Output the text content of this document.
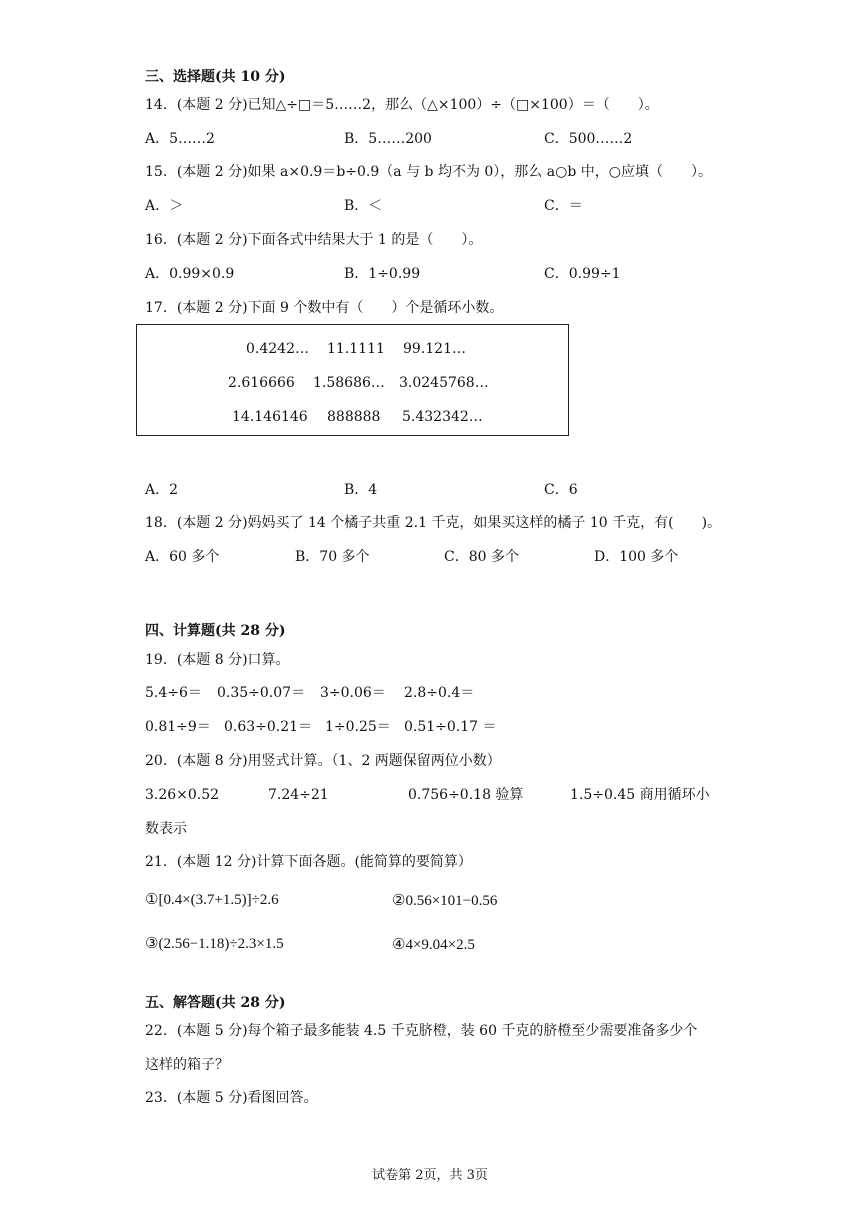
三、选择题(共 10 分)
14．(本题 2 分)已知△÷□＝5……2，那么（△×100）÷（□×100）＝（　　）。
A．5……2	B．5……200	C．500……2
15．(本题 2 分)如果 a×0.9＝b÷0.9（a 与 b 均不为 0），那么 a○b 中，○应填（　　）。
A．＞	B．＜	C．＝
16．(本题 2 分)下面各式中结果大于 1 的是（　　）。
A．0.99×0.9	B．1÷0.99	C．0.99÷1
17．(本题 2 分)下面 9 个数中有（　　）个是循环小数。
0.4242… 11.1111 99.121…
2.616666 1.58686… 3.0245768…
14.146146 888888 5.432342…
A．2	B．4	C．6
18．(本题 2 分)妈妈买了 14 个橘子共重 2.1 千克，如果买这样的橘子 10 千克，有(　　)。
A．60 多个	B．70 多个	C．80 多个	D．100 多个
四、计算题(共 28 分)
19．(本题 8 分)口算。
5.4÷6＝ 0.35÷0.07＝ 3÷0.06＝ 2.8÷0.4＝
0.81÷9＝ 0.63÷0.21＝ 1÷0.25＝ 0.51÷0.17 ＝
20．(本题 8 分)用竖式计算。（1、2 两题保留两位小数）
3.26×0.52	7.24÷21	0.756÷0.18 验算	1.5÷0.45 商用循环小
数表示
21．(本题 12 分)计算下面各题。(能简算的要简算）
①[0.4×(3.7+1.5)]÷2.6	②0.56×101−0.56
③(2.56−1.18)÷2.3×1.5	④4×9.04×2.5
五、解答题(共 28 分)
22．(本题 5 分)每个箱子最多能装 4.5 千克脐橙，装 60 千克的脐橙至少需要准备多少个
这样的箱子？
23．(本题 5 分)看图回答。
试卷第 2页，共 3页
